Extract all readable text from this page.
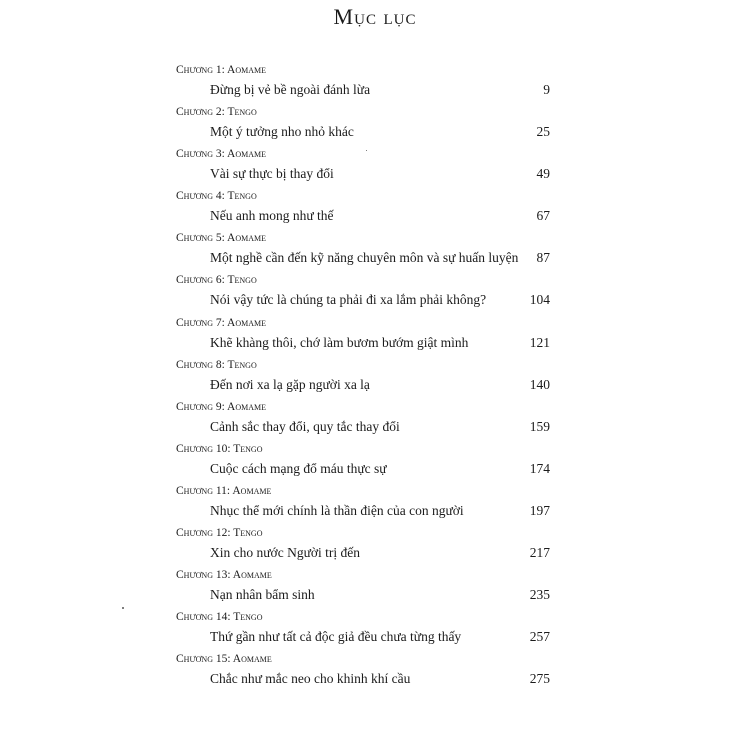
Mục lục
Chương 1: Aomame
Đừng bị vẻ bề ngoài đánh lừa	9
Chương 2: Tengo
Một ý tưởng nho nhỏ khác	25
Chương 3: Aomame
Vài sự thực bị thay đổi	49
Chương 4: Tengo
Nếu anh mong như thế	67
Chương 5: Aomame
Một nghề cần đến kỹ năng chuyên môn và sự huấn luyện 87
Chương 6: Tengo
Nói vậy tức là chúng ta phải đi xa lắm phải không?	104
Chương 7: Aomame
Khẽ khàng thôi, chớ làm bươm bướm giật mình	121
Chương 8: Tengo
Đến nơi xa lạ gặp người xa lạ	140
Chương 9: Aomame
Cảnh sắc thay đổi, quy tắc thay đổi	159
Chương 10: Tengo
Cuộc cách mạng đổ máu thực sự	174
Chương 11: Aomame
Nhục thể mới chính là thần điện của con người	197
Chương 12: Tengo
Xin cho nước Người trị đến	217
Chương 13: Aomame
Nạn nhân bẩm sinh	235
Chương 14: Tengo
Thứ gần như tất cả độc giả đều chưa từng thấy	257
Chương 15: Aomame
Chắc như mắc neo cho khinh khí cầu	275
